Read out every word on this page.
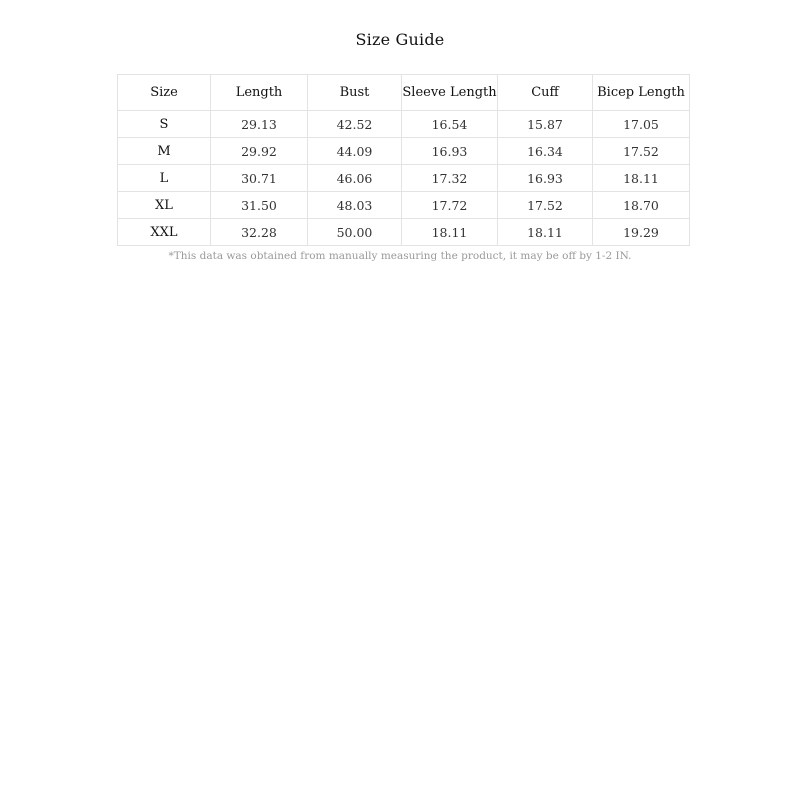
Size Guide
Size	Length	Bust	Sleeve Length	Cuff	Bicep Length
S	29.13	42.52	16.54	15.87	17.05
M	29.92	44.09	16.93	16.34	17.52
L	30.71	46.06	17.32	16.93	18.11
XL	31.50	48.03	17.72	17.52	18.70
XXL	32.28	50.00	18.11	18.11	19.29
*This data was obtained from manually measuring the product, it may be off by 1-2 IN.
